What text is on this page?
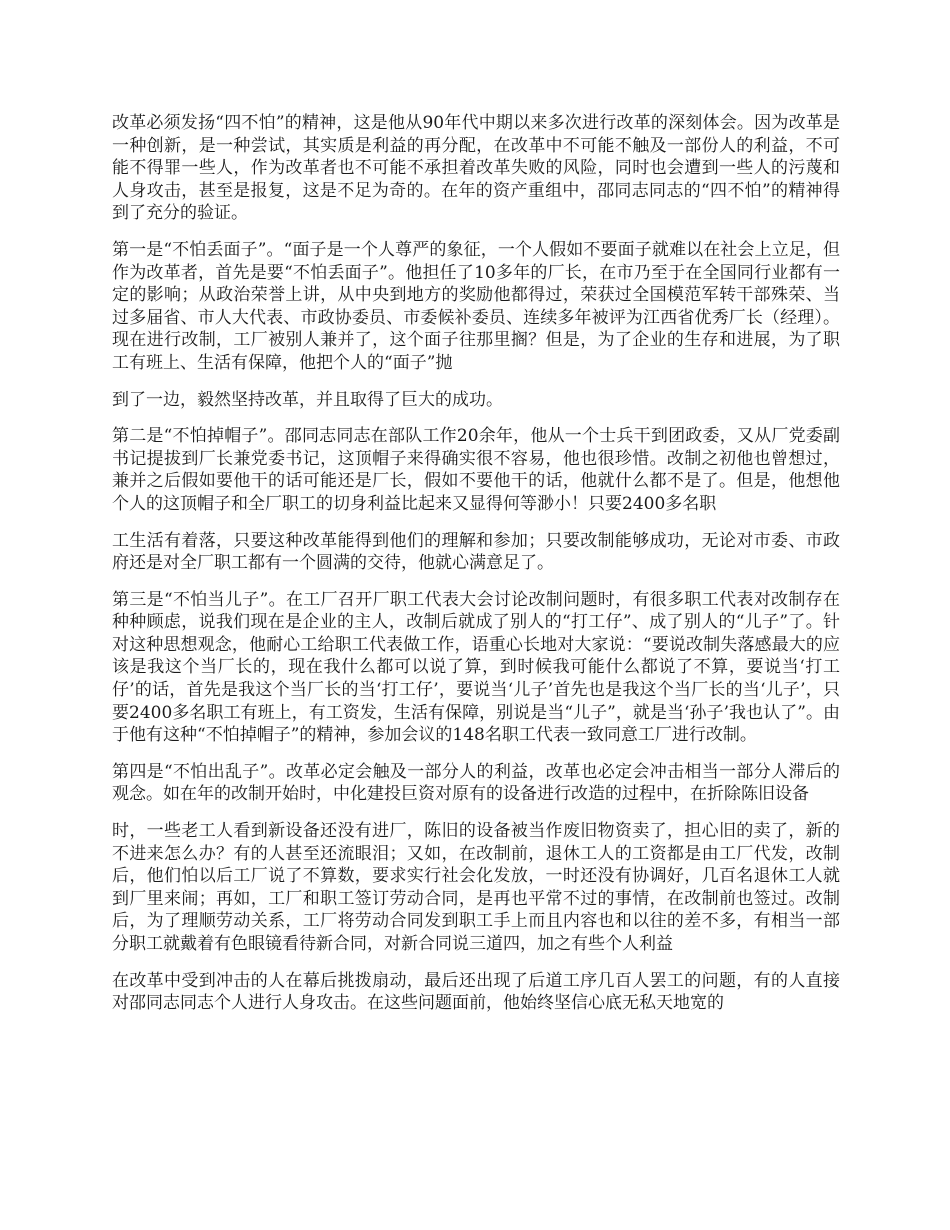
改革必须发扬“四不怕”的精神，这是他从90年代中期以来多次进行改革的深刻体会。因为改革是一种创新，是一种尝试，其实质是利益的再分配，在改革中不可能不触及一部份人的利益，不可能不得罪一些人，作为改革者也不可能不承担着改革失败的风险，同时也会遭到一些人的污蔑和人身攻击，甚至是报复，这是不足为奇的。在年的资产重组中，邵同志同志的“四不怕”的精神得到了充分的验证。

第一是“不怕丢面子”。“面子是一个人尊严的象征，一个人假如不要面子就难以在社会上立足，但作为改革者，首先是要“不怕丢面子”。他担任了10多年的厂长，在市乃至于在全国同行业都有一定的影响；从政治荣誉上讲，从中央到地方的奖励他都得过，荣获过全国模范军转干部殊荣、当过多届省、市人大代表、市政协委员、市委候补委员、连续多年被评为江西省优秀厂长（经理）。现在进行改制，工厂被别人兼并了，这个面子往那里搁？但是，为了企业的生存和进展，为了职工有班上、生活有保障，他把个人的“面子”抛

到了一边，毅然坚持改革，并且取得了巨大的成功。

第二是“不怕掉帽子”。邵同志同志在部队工作20余年，他从一个士兵干到团政委，又从厂党委副书记提拔到厂长兼党委书记，这顶帽子来得确实很不容易，他也很珍惜。改制之初他也曾想过，兼并之后假如要他干的话可能还是厂长，假如不要他干的话，他就什么都不是了。但是，他想他个人的这顶帽子和全厂职工的切身利益比起来又显得何等渺小！只要2400多名职

工生活有着落，只要这种改革能得到他们的理解和参加；只要改制能够成功，无论对市委、市政府还是对全厂职工都有一个圆满的交待，他就心满意足了。

第三是“不怕当儿子”。在工厂召开厂职工代表大会讨论改制问题时，有很多职工代表对改制存在种种顾虑，说我们现在是企业的主人，改制后就成了别人的“打工仔”、成了别人的“儿子”了。针对这种思想观念，他耐心工给职工代表做工作，语重心长地对大家说：“要说改制失落感最大的应该是我这个当厂长的，现在我什么都可以说了算，到时候我可能什么都说了不算，要说当‘打工仔’的话，首先是我这个当厂长的当‘打工仔’，要说当‘儿子’首先也是我这个当厂长的当‘儿子’，只要2400多名职工有班上，有工资发，生活有保障，别说是当“儿子”，就是当‘孙子’我也认了”。由于他有这种“不怕掉帽子”的精神，参加会议的148名职工代表一致同意工厂进行改制。

第四是“不怕出乱子”。改革必定会触及一部分人的利益，改革也必定会冲击相当一部分人滞后的观念。如在年的改制开始时，中化建投巨资对原有的设备进行改造的过程中，在折除陈旧设备

时，一些老工人看到新设备还没有进厂，陈旧的设备被当作废旧物资卖了，担心旧的卖了，新的不进来怎么办？有的人甚至还流眼泪；又如，在改制前，退休工人的工资都是由工厂代发，改制后，他们怕以后工厂说了不算数，要求实行社会化发放，一时还没有协调好，几百名退休工人就到厂里来闹；再如，工厂和职工签订劳动合同，是再也平常不过的事情，在改制前也签过。改制后，为了理顺劳动关系，工厂将劳动合同发到职工手上而且内容也和以往的差不多，有相当一部分职工就戴着有色眼镜看待新合同，对新合同说三道四，加之有些个人利益

在改革中受到冲击的人在幕后挑拨扇动，最后还出现了后道工序几百人罢工的问题，有的人直接对邵同志同志个人进行人身攻击。在这些问题面前，他始终坚信心底无私天地宽的
